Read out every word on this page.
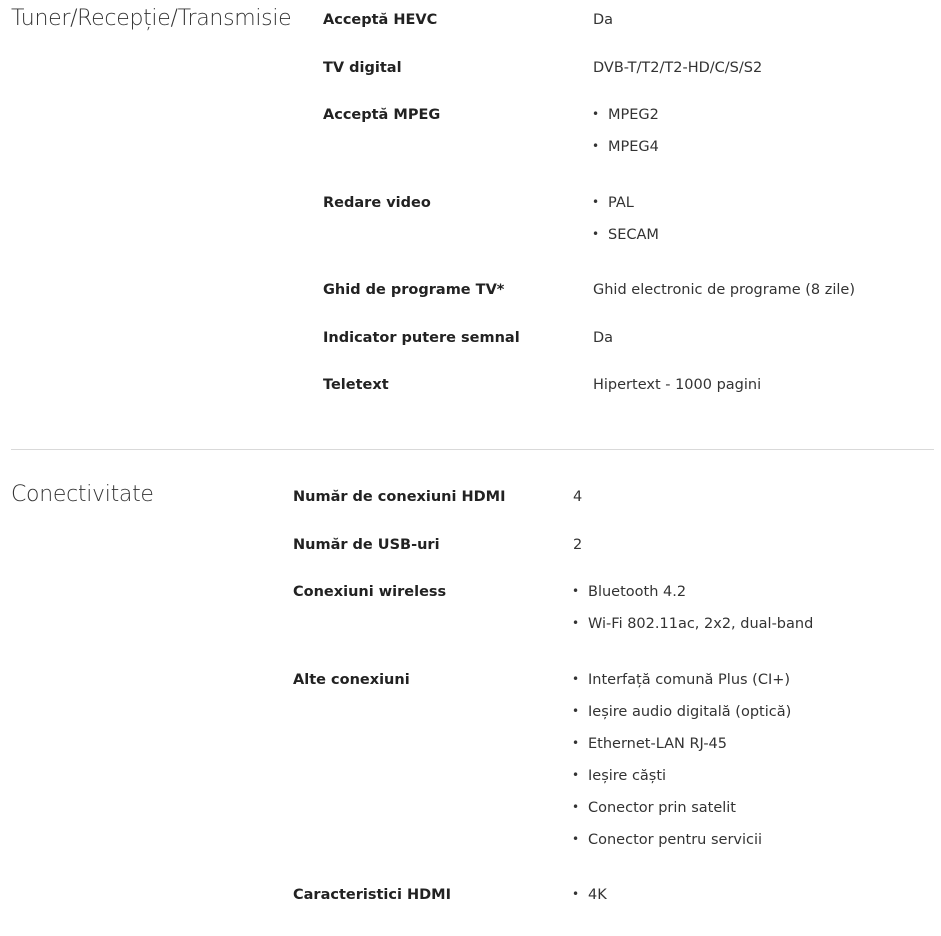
Tuner/Recepție/Transmisie Acceptă HEVC	Da
TV digital	DVB-T/T2/T2-HD/C/S/S2
Acceptă MPEG	• MPEG2
• MPEG4
Redare video	• PAL
• SECAM
Ghid de programe TV*	Ghid electronic de programe (8 zile)
Indicator putere semnal	Da
Teletext	Hipertext - 1000 pagini
Conectivitate	Număr de conexiuni HDMI	4
Număr de USB-uri	2
Conexiuni wireless	• Bluetooth 4.2
• Wi-Fi 802.11ac, 2x2, dual-band
Alte conexiuni	• Interfață comună Plus (CI+)
• Ieșire audio digitală (optică)
• Ethernet-LAN RJ-45
• Ieșire căști
• Conector prin satelit
• Conector pentru servicii
Caracteristici HDMI	• 4K
